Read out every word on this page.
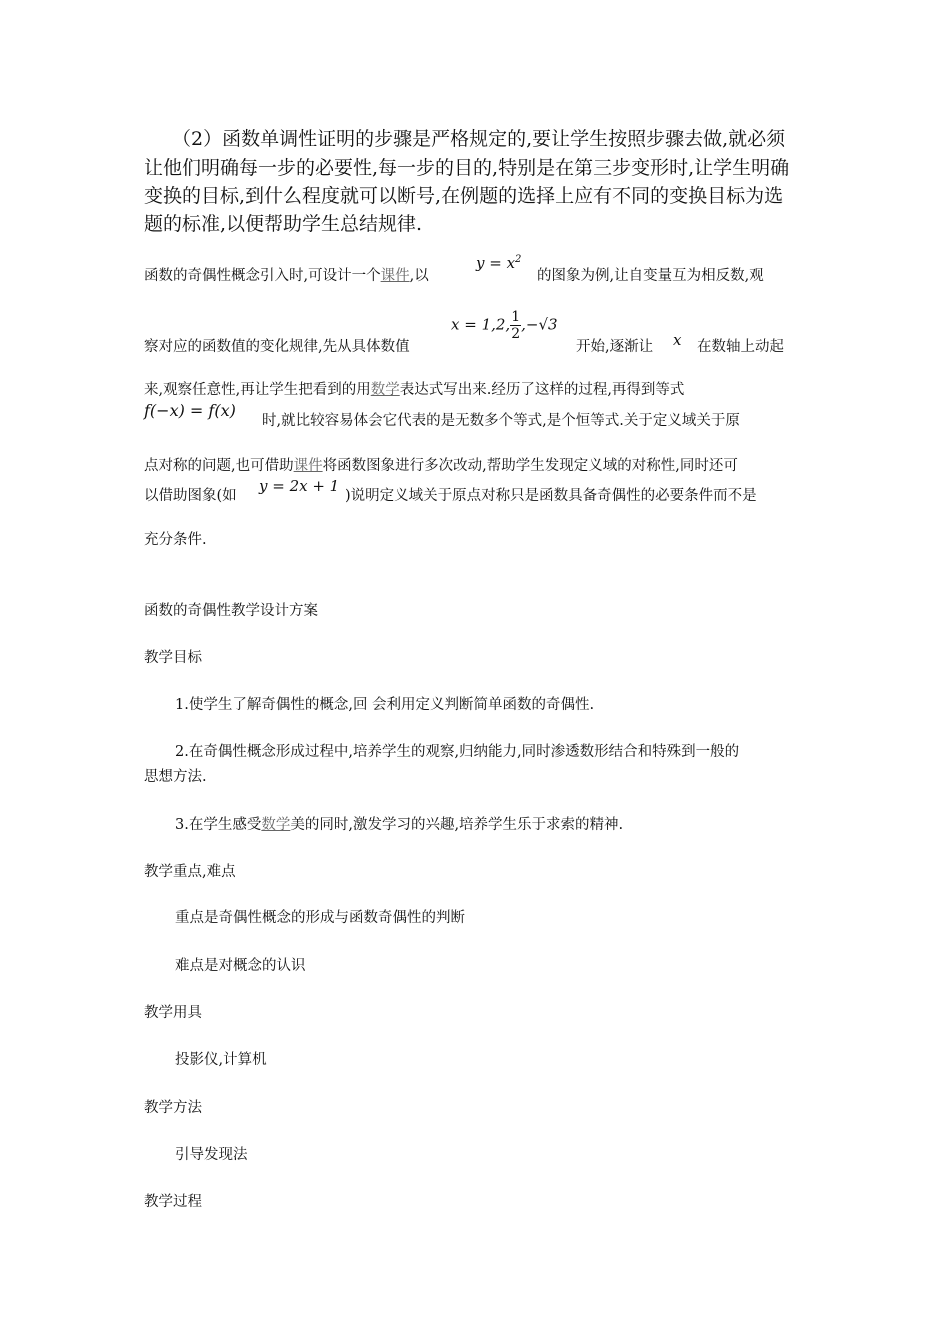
（2）函数单调性证明的步骤是严格规定的,要让学生按照步骤去做,就必须
让他们明确每一步的必要性,每一步的目的,特别是在第三步变形时,让学生明确
变换的目标,到什么程度就可以断号,在例题的选择上应有不同的变换目标为选
题的标准,以便帮助学生总结规律.
函数的奇偶性概念引入时,可设计一个课件,以
$y = x^2$
的图象为例,让自变量互为相反数,观
察对应的函数值的变化规律,先从具体数值
x = 1,2, $\frac{1}{2} ,-√3$
开始,逐渐让 x 在数轴上动起
来,观察任意性,再让学生把看到的用数学表达式写出来.经历了这样的过程,再得到等式
f(−x) = f(x)
时,就比较容易体会它代表的是无数多个等式,是个恒等式.关于定义域关于原
点对称的问题,也可借助课件将函数图象进行多次改动,帮助学生发现定义域的对称性,同时还可
以借助图象(如
y = 2x + 1
)说明定义域关于原点对称只是函数具备奇偶性的必要条件而不是
充分条件.
函数的奇偶性教学设计方案
教学目标
1.使学生了解奇偶性的概念,回 会利用定义判断简单函数的奇偶性.
2.在奇偶性概念形成过程中,培养学生的观察,归纳能力,同时渗透数形结合和特殊到一般的
思想方法.
3.在学生感受数学美的同时,激发学习的兴趣,培养学生乐于求索的精神.
教学重点,难点
重点是奇偶性概念的形成与函数奇偶性的判断
难点是对概念的认识
教学用具
投影仪,计算机
教学方法
引导发现法
教学过程
